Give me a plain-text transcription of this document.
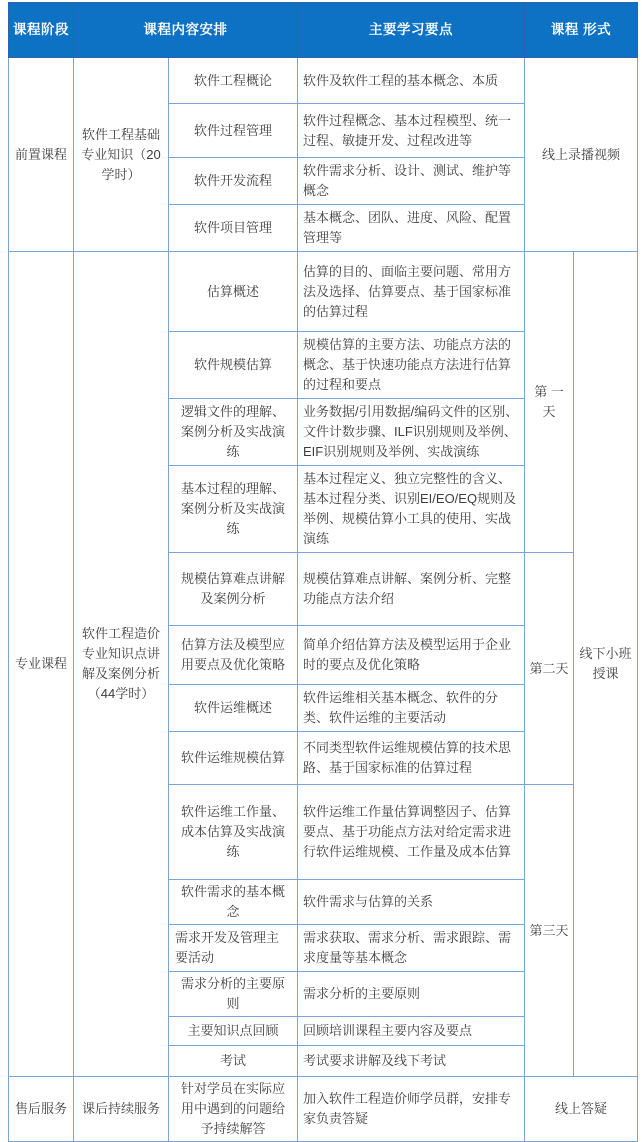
课程阶段	课程内容安排		主要学习要点	课程 形式	
前置课程	软件工程基础专业知识（20学时）	软件工程概论	软件及软件工程的基本概念、本质	线上录播视频	
		软件过程管理	软件过程概念、基本过程模型、统一过程、敏捷开发、过程改进等		
		软件开发流程	软件需求分析、设计、测试、维护等概念		
		软件项目管理	基本概念、团队、进度、风险、配置管理等		
专业课程	软件工程造价专业知识点讲解及案例分析（44学时）	估算概述	估算的目的、面临主要问题、常用方法及选择、估算要点、基于国家标准的估算过程	第 一天	线下小班授课
		软件规模估算	规模估算的主要方法、功能点方法的概念、基于快速功能点方法进行估算的过程和要点		
		逻辑文件的理解、案例分析及实战演练	业务数据/引用数据/编码文件的区别、文件计数步骤、ILF识别规则及举例、EIF识别规则及举例、实战演练		
		基本过程的理解、案例分析及实战演练	基本过程定义、独立完整性的含义、基本过程分类、识别EI/EO/EQ规则及举例、规模估算小工具的使用、实战演练		
		规模估算难点讲解及案例分析	规模估算难点讲解、案例分析、完整功能点方法介绍	第二天	
		估算方法及模型应用要点及优化策略	简单介绍估算方法及模型运用于企业时的要点及优化策略		
		软件运维概述	软件运维相关基本概念、软件的分类、软件运维的主要活动		
		软件运维规模估算	不同类型软件运维规模估算的技术思路、基于国家标准的估算过程		
		软件运维工作量、成本估算及实战演练	软件运维工作量估算调整因子、估算要点、基于功能点方法对给定需求进行软件运维规模、工作量及成本估算	第三天	
		软件需求的基本概念	软件需求与估算的关系		
		需求开发及管理主要活动	需求获取、需求分析、需求跟踪、需求度量等基本概念		
		需求分析的主要原则	需求分析的主要原则		
		主要知识点回顾	回顾培训课程主要内容及要点		
		考试	考试要求讲解及线下考试		
售后服务	课后持续服务	针对学员在实际应用中遇到的问题给予持续解答	加入软件工程造价师学员群，安排专家负责答疑	线上答疑	
